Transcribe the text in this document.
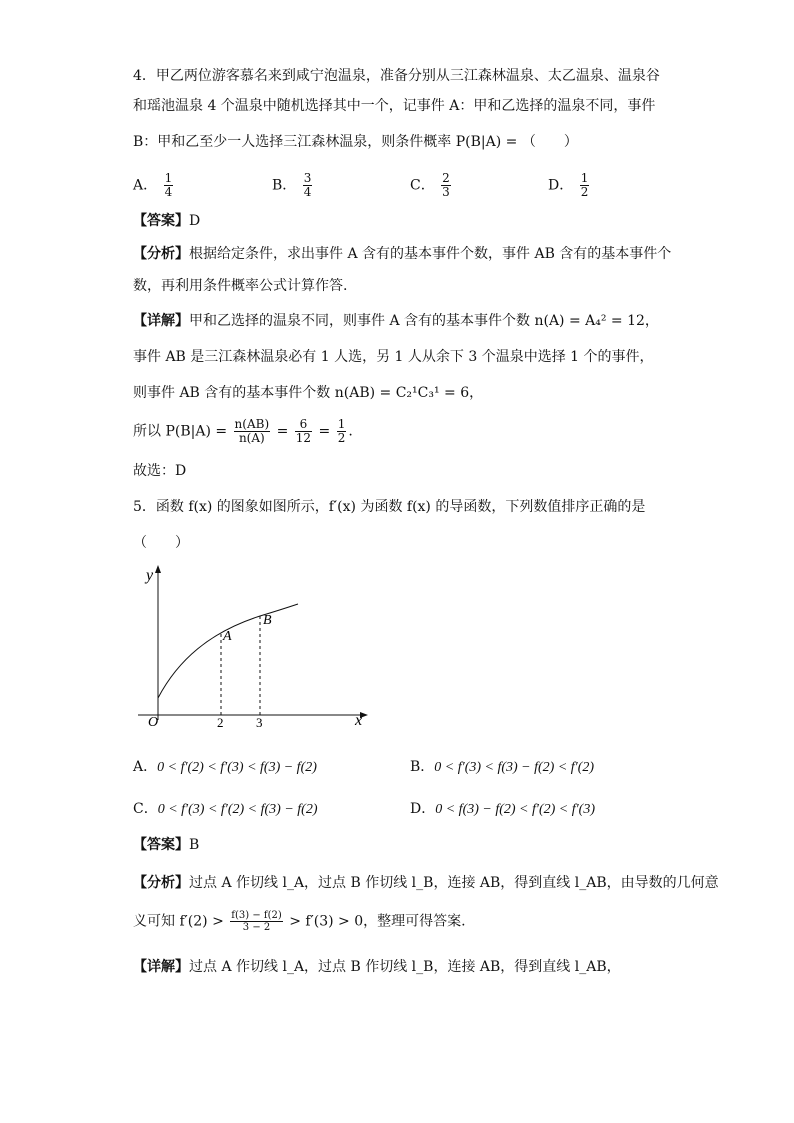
4．甲乙两位游客慕名来到咸宁泡温泉，准备分别从三江森林温泉、太乙温泉、温泉谷
和瑶池温泉 4 个温泉中随机选择其中一个，记事件 A：甲和乙选择的温泉不同，事件
B：甲和乙至少一人选择三江森林温泉，则条件概率 P(B|A) = （　　）
A． $\frac{1}{4}$	B． $\frac{3}{4}$	C． $\frac{2}{3}$	D． $\frac{1}{2}$
【答案】D
【分析】根据给定条件，求出事件 A 含有的基本事件个数，事件 AB 含有的基本事件个
数，再利用条件概率公式计算作答.
【详解】甲和乙选择的温泉不同，则事件 A 含有的基本事件个数 n(A) = A₄² = 12，
事件 AB 是三江森林温泉必有 1 人选，另 1 人从余下 3 个温泉中选择 1 个的事件，
则事件 AB 含有的基本事件个数 n(AB) = C₂¹C₃¹ = 6，
所以 $P(B|A) = \frac{n(AB)}{n(A)} = \frac{6}{12} = \frac{1}{2}$ .
故选：D
5．函数 f(x) 的图象如图所示，f′(x) 为函数 f(x) 的导函数，下列数值排序正确的是
（　　）
y
x
O	2	3
A
B
A．0 < f′(2) < f′(3) < f(3) − f(2)	B．0 < f′(3) < f(3) − f(2) < f′(2)
C．0 < f′(3) < f′(2) < f(3) − f(2)	D．0 < f(3) − f(2) < f′(2) < f′(3)
【答案】B
【分析】过点 A 作切线 l_A，过点 B 作切线 l_B，连接 AB，得到直线 l_AB，由导数的几何意
义可知 $f'(2) > \frac{f(3) - f(2)}{3 - 2} > f'(3) > 0$，整理可得答案.
【详解】过点 A 作切线 l_A，过点 B 作切线 l_B，连接 AB，得到直线 l_AB，
